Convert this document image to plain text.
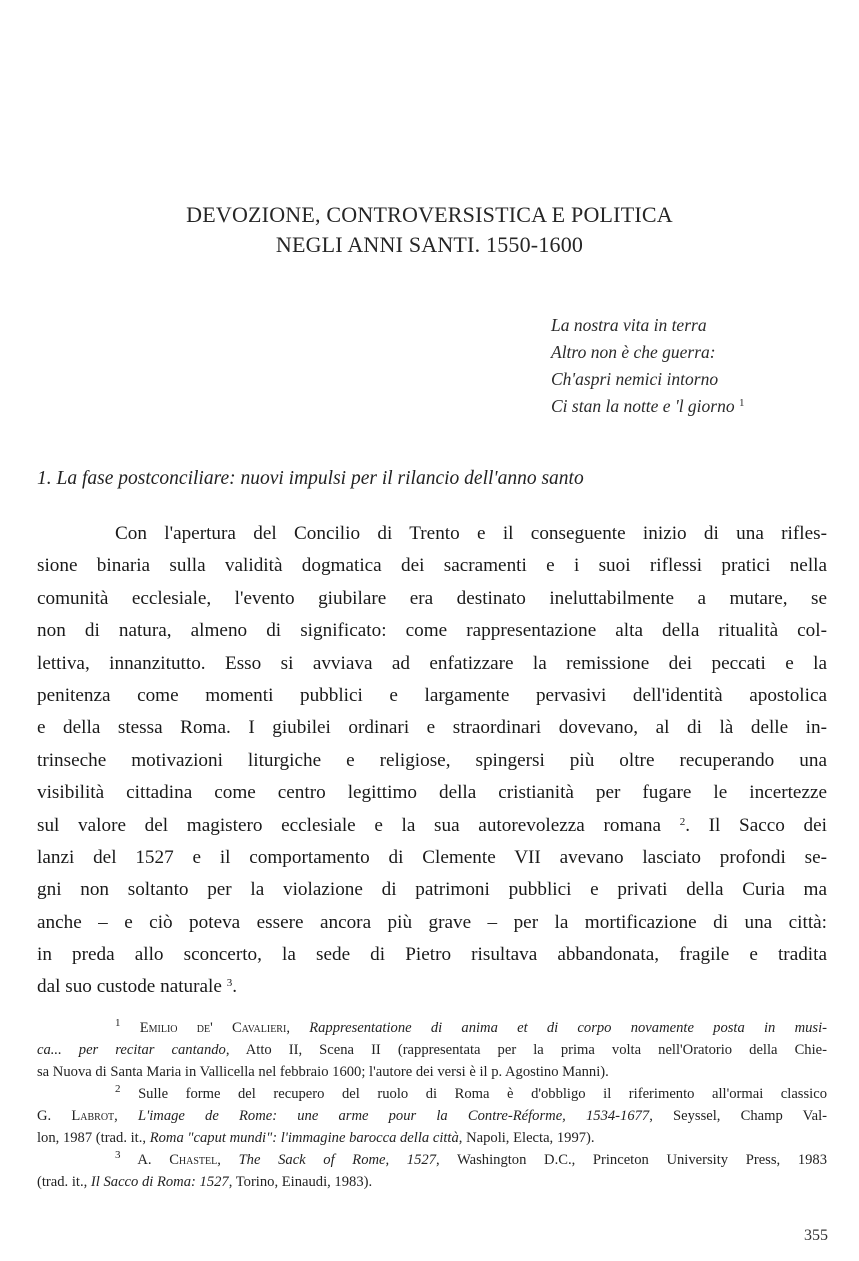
DEVOZIONE, CONTROVERSISTICA E POLITICA
NEGLI ANNI SANTI. 1550-1600
La nostra vita in terra
Altro non è che guerra:
Ch'aspri nemici intorno
Ci stan la notte e 'l giorno $^1$
1. La fase postconciliare: nuovi impulsi per il rilancio dell'anno santo
Con l'apertura del Concilio di Trento e il conseguente inizio di una rifles-
sione binaria sulla validità dogmatica dei sacramenti e i suoi riflessi pratici nella
comunità ecclesiale, l'evento giubilare era destinato ineluttabilmente a mutare, se
non di natura, almeno di significato: come rappresentazione alta della ritualità col-
lettiva, innanzitutto. Esso si avviava ad enfatizzare la remissione dei peccati e la
penitenza come momenti pubblici e largamente pervasivi dell'identità apostolica
e della stessa Roma. I giubilei ordinari e straordinari dovevano, al di là delle in-
trinseche motivazioni liturgiche e religiose, spingersi più oltre recuperando una
visibilità cittadina come centro legittimo della cristianità per fugare le incertezze
sul valore del magistero ecclesiale e la sua autorevolezza romana $^2$. Il Sacco dei
lanzi del 1527 e il comportamento di Clemente VII avevano lasciato profondi se-
gni non soltanto per la violazione di patrimoni pubblici e privati della Curia ma
anche – e ciò poteva essere ancora più grave – per la mortificazione di una città:
in preda allo sconcerto, la sede di Pietro risultava abbandonata, fragile e tradita
dal suo custode naturale $^3$.
$^1$ Emilio de' Cavalieri, Rappresentatione di anima et di corpo novamente posta in musi-
ca... per recitar cantando, Atto II, Scena II (rappresentata per la prima volta nell'Oratorio della Chie-
sa Nuova di Santa Maria in Vallicella nel febbraio 1600; l'autore dei versi è il p. Agostino Manni).
$^2$ Sulle forme del recupero del ruolo di Roma è d'obbligo il riferimento all'ormai classico
G. Labrot, L'image de Rome: une arme pour la Contre-Réforme, 1534-1677, Seyssel, Champ Val-
lon, 1987 (trad. it., Roma "caput mundi": l'immagine barocca della città, Napoli, Electa, 1997).
$^3$ A. Chastel, The Sack of Rome, 1527, Washington D.C., Princeton University Press, 1983
(trad. it., Il Sacco di Roma: 1527, Torino, Einaudi, 1983).
355
